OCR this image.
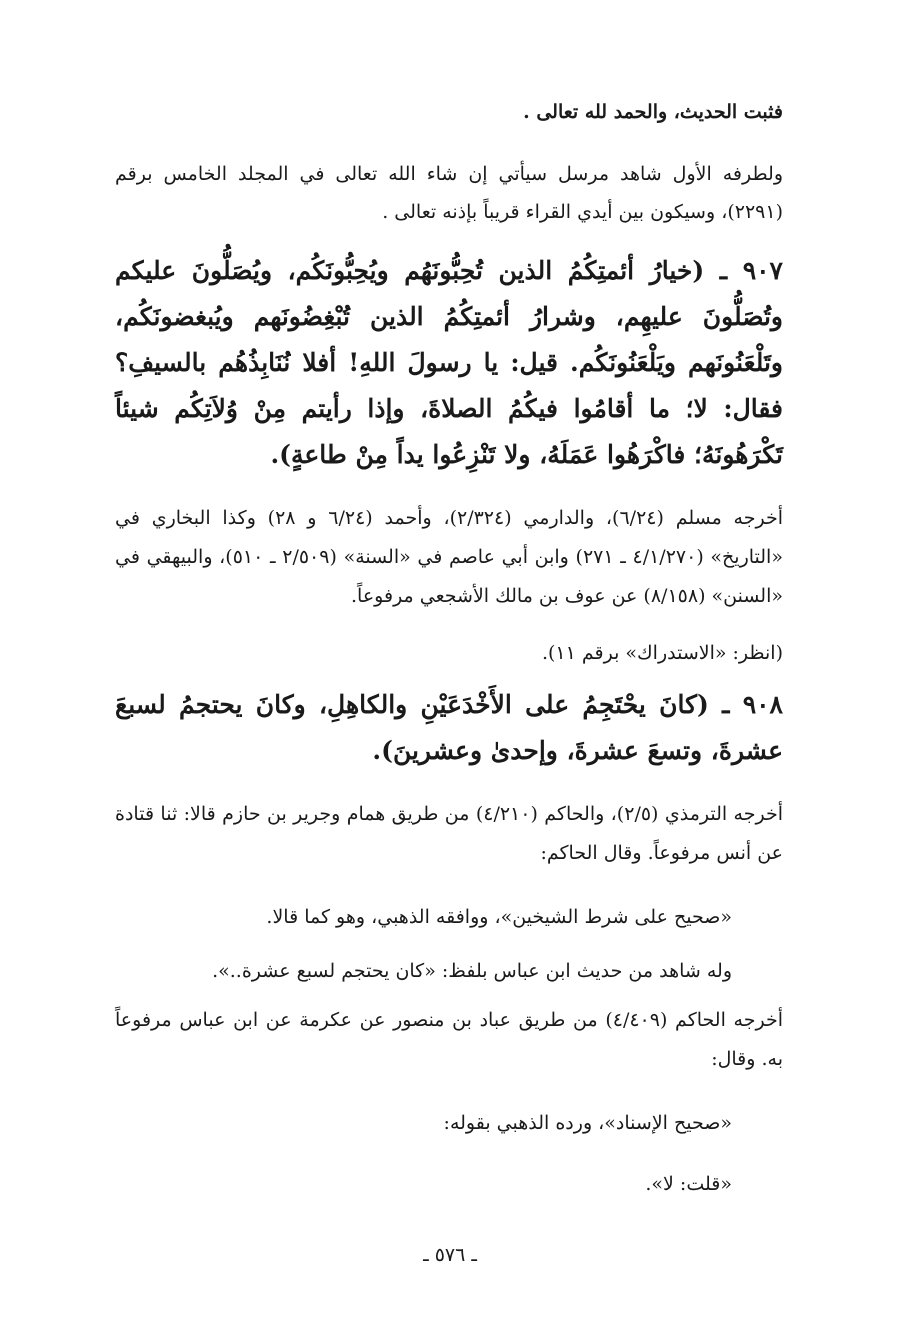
فثبت الحديث، والحمد لله تعالى .

ولطرفه الأول شاهد مرسل سيأتي إن شاء الله تعالى في المجلد الخامس برقم (٢٢٩١)، وسيكون بين أيدي القراء قريباً بإذنه تعالى .

٩٠٧ ـ (خيارُ أئمتِكُمُ الذين تُحِبُّونَهُم ويُحِبُّونَكُم، ويُصَلُّونَ عليكم وتُصَلُّونَ عليهِم، وشرارُ أئمتِكُمُ الذين تُبْغِضُونَهم ويُبغضونَكُم، وتَلْعَنُونَهم ويَلْعَنُونَكُم. قيل: يا رسولَ اللهِ! أفلا نُنَابِذُهُم بالسيفِ؟ فقال: لا؛ ما أقامُوا فيكُمُ الصلاةَ، وإذا رأيتم مِنْ وُلاَتِكُم شيئاً تَكْرَهُونَهُ؛ فاكْرَهُوا عَمَلَهُ، ولا تَنْزِعُوا يداً مِنْ طاعةٍ).

أخرجه مسلم (٦/٢٤)، والدارمي (٢/٣٢٤)، وأحمد (٦/٢٤ و ٢٨) وكذا البخاري في «التاريخ» (٤/١/٢٧٠ ـ ٢٧١) وابن أبي عاصم في «السنة» (٢/٥٠٩ ـ ٥١٠)، والبيهقي في «السنن» (٨/١٥٨) عن عوف بن مالك الأشجعي مرفوعاً.

(انظر: «الاستدراك» برقم ١١).

٩٠٨ ـ (كانَ يحْتَجِمُ على الأَخْدَعَيْنِ والكاهِلِ، وكانَ يحتجمُ لسبعَ عشرةَ، وتسعَ عشرةَ، وإحدىٰ وعشرينَ).

أخرجه الترمذي (٢/٥)، والحاكم (٤/٢١٠) من طريق همام وجرير بن حازم قالا: ثنا قتادة عن أنس مرفوعاً. وقال الحاكم:

«صحيح على شرط الشيخين»، ووافقه الذهبي، وهو كما قالا.

وله شاهد من حديث ابن عباس بلفظ: «كان يحتجم لسبع عشرة..».

أخرجه الحاكم (٤/٤٠٩) من طريق عباد بن منصور عن عكرمة عن ابن عباس مرفوعاً به. وقال:

«صحيح الإسناد»، ورده الذهبي بقوله:

«قلت: لا».

ـ ٥٧٦ ـ
